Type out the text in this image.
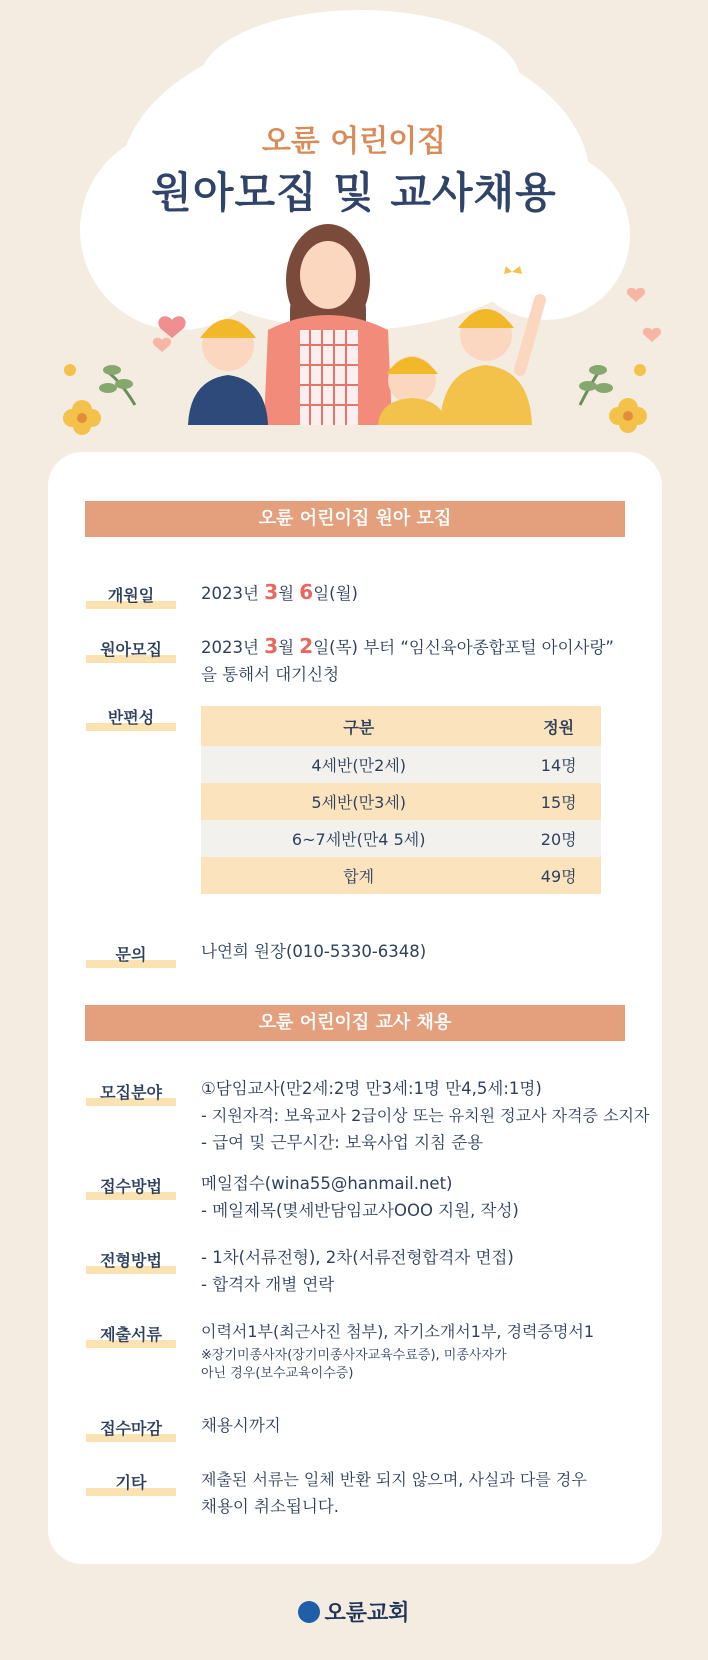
오륜 어린이집
원아모집 및 교사채용
오륜 어린이집 원아 모집
개원일	2023년 3월 6일(월)
원아모집	2023년 3월 2일(목) 부터 “임신육아종합포털 아이사랑”
을 통해서 대기신청
반편성	구분	정원
4세반(만2세)	14명
5세반(만3세)	15명
6~7세반(만4 5세)	20명
합계	49명
문의	나연희 원장(010-5330-6348)
오륜 어린이집 교사 채용
모집분야	①담임교사(만2세:2명 만3세:1명 만4,5세:1명)
- 지원자격: 보육교사 2급이상 또는 유치원 정교사 자격증 소지자
- 급여 및 근무시간: 보육사업 지침 준용
접수방법	메일접수(wina55@hanmail.net)
- 메일제목(몇세반담임교사OOO 지원, 작성)
전형방법	- 1차(서류전형), 2차(서류전형합격자 면접)
- 합격자 개별 연락
제출서류	이력서1부(최근사진 첨부), 자기소개서1부, 경력증명서1
※장기미종사자(장기미종사자교육수료증), 미종사자가
아닌 경우(보수교육이수증)
접수마감	채용시까지
기타	제출된 서류는 일체 반환 되지 않으며, 사실과 다를 경우
채용이 취소됩니다.
오륜교회
